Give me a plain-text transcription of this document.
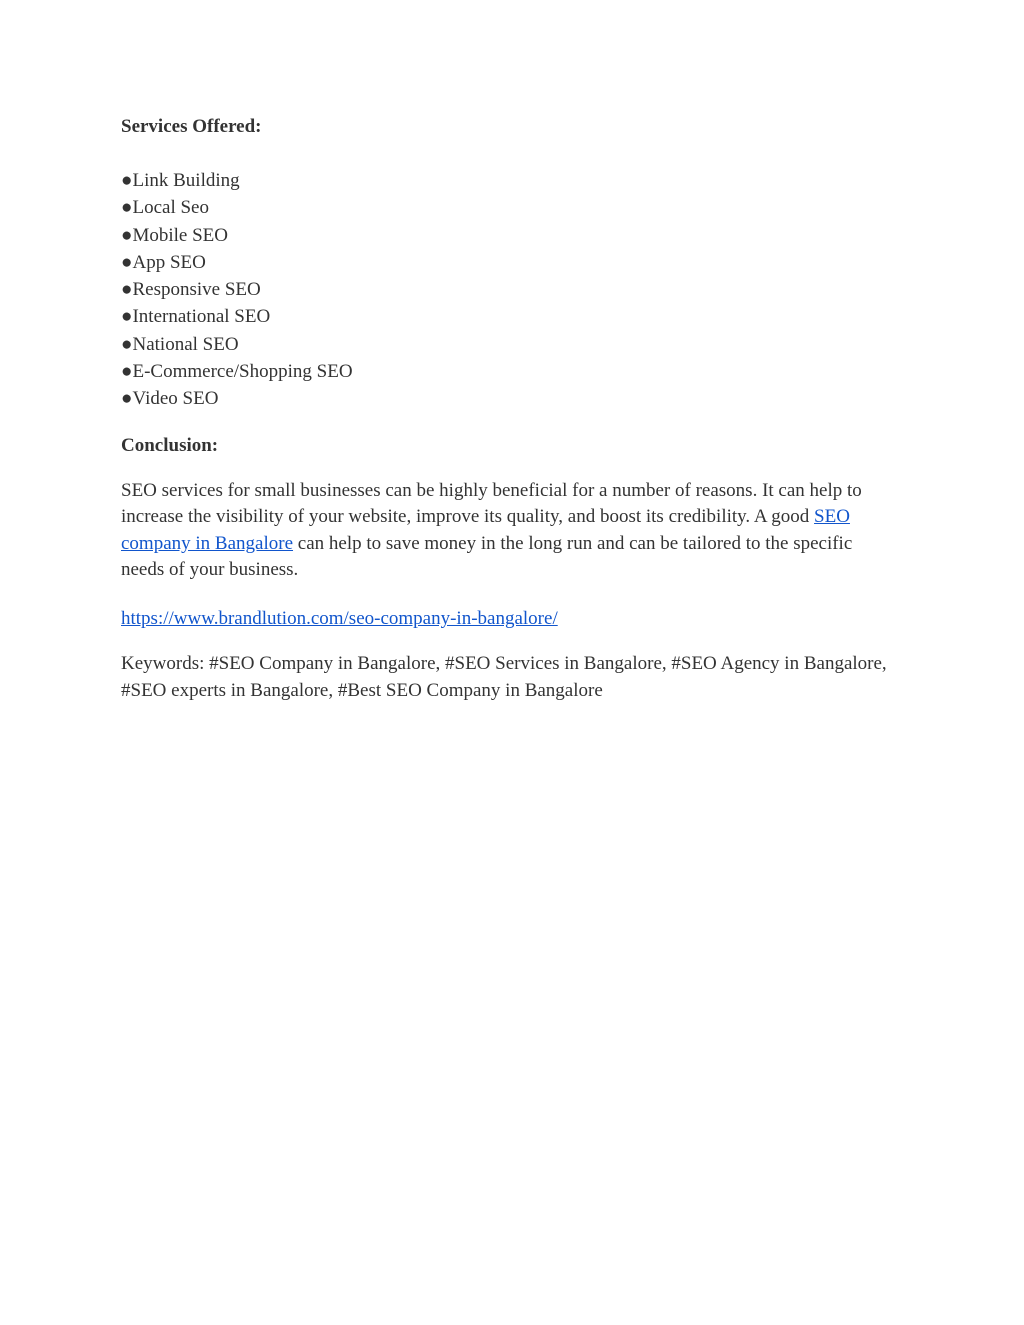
Services Offered:

●Link Building
●Local Seo
●Mobile SEO
●App SEO
●Responsive SEO
●International SEO
●National SEO
●E-Commerce/Shopping SEO
●Video SEO

Conclusion:

SEO services for small businesses can be highly beneficial for a number of reasons. It can help to increase the visibility of your website, improve its quality, and boost its credibility. A good SEO company in Bangalore can help to save money in the long run and can be tailored to the specific needs of your business.

https://www.brandlution.com/seo-company-in-bangalore/

Keywords: #SEO Company in Bangalore, #SEO Services in Bangalore, #SEO Agency in Bangalore, #SEO experts in Bangalore, #Best SEO Company in Bangalore
